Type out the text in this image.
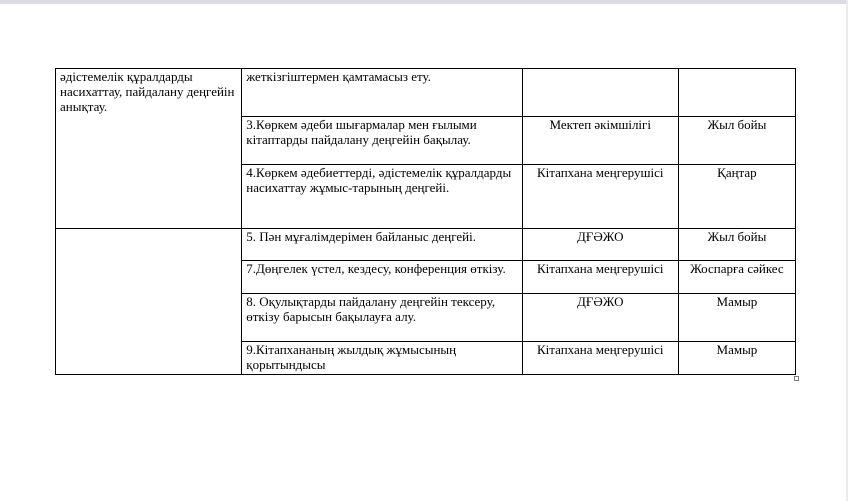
әдістемелік құралдарды насихаттау, пайдалану деңгейін анықтау.	жеткізгіштермен қамтамасыз ету.		
	3.Көркем әдеби шығармалар мен ғылыми кітаптарды пайдалану деңгейін бақылау.	Мектеп әкімшілігі	Жыл бойы
	4.Көркем әдебиеттерді, әдістемелік құралдарды насихаттау жұмыс-тарының деңгейі.	Кітапхана меңгерушісі	Қаңтар
	5. Пән мұғалімдерімен байланыс деңгейі.	ДҒӘЖО	Жыл бойы
	7.Дөңгелек үстел, кездесу, конференция өткізу.	Кітапхана меңгерушісі	Жоспарға сәйкес
	8. Оқулықтарды пайдалану деңгейін тексеру, өткізу барысын бақылауға алу.	ДҒӘЖО	Мамыр
	9.Кітапхананың жылдық жұмысының қорытындысы	Кітапхана меңгерушісі	Мамыр
